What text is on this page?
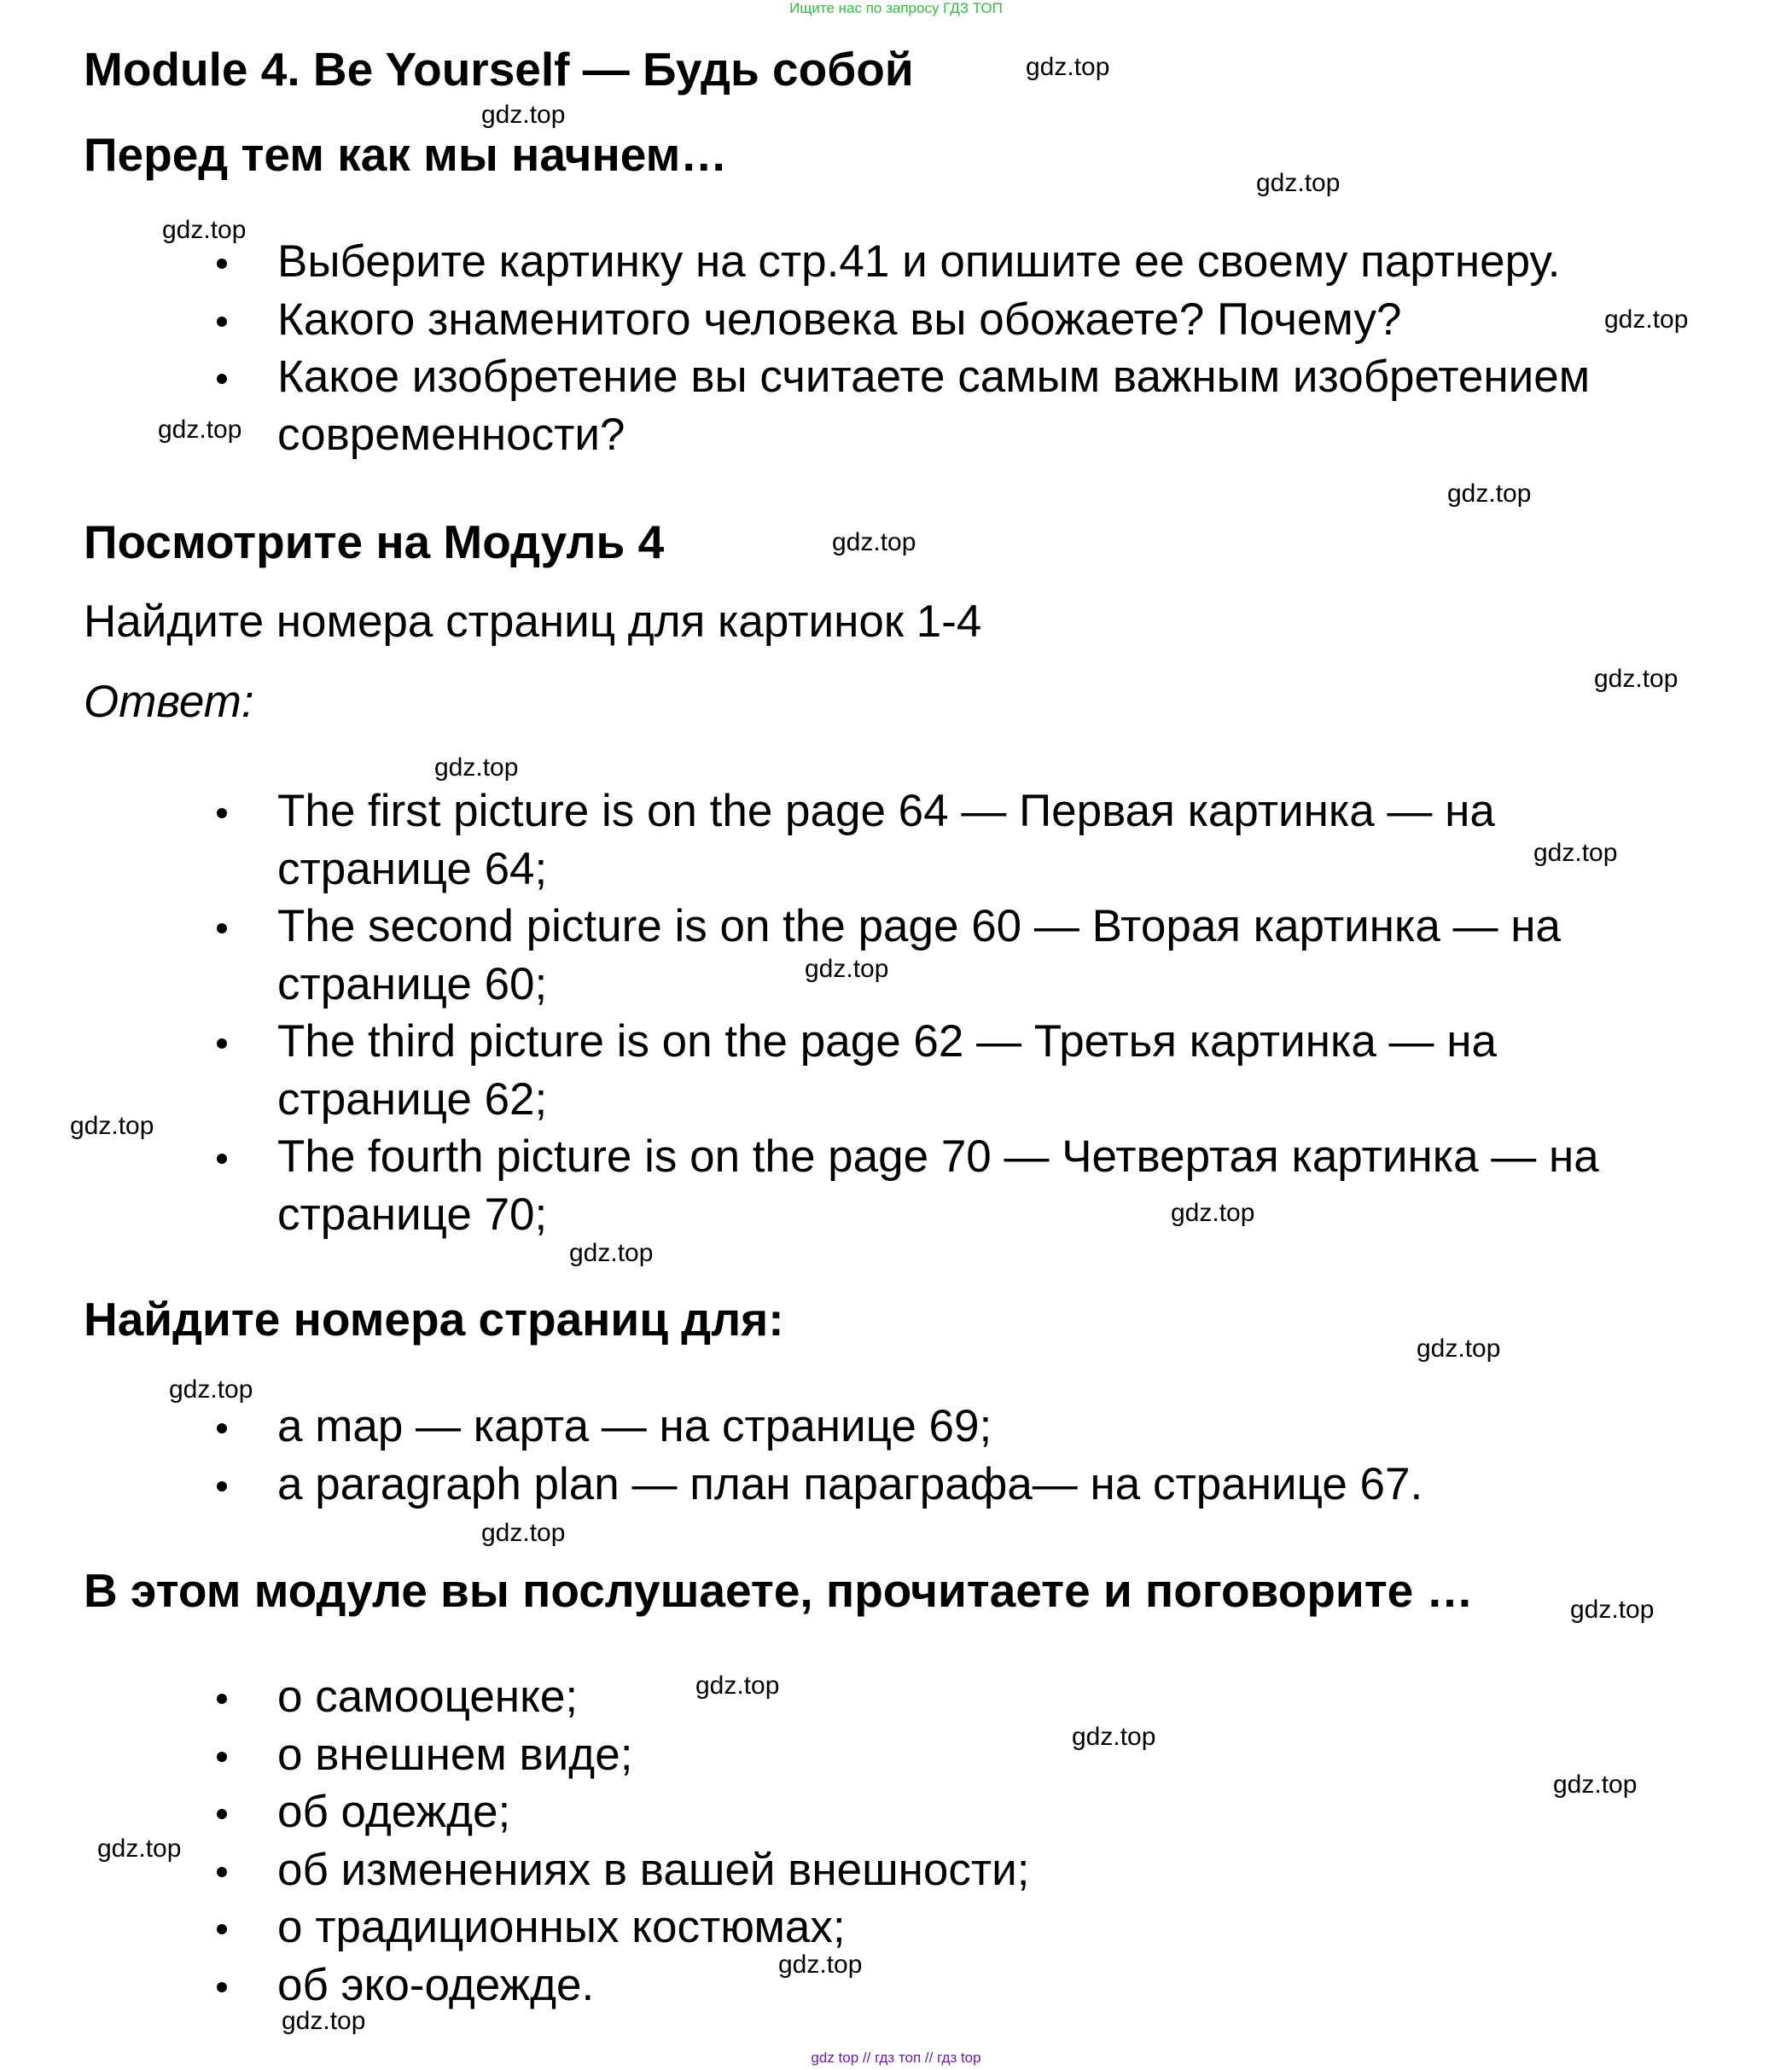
Ищите нас по запросу ГДЗ ТОП
Module 4. Be Yourself — Будь собой
Перед тем как мы начнем…
Выберите картинку на стр.41 и опишите ее своему партнеру.
Какого знаменитого человека вы обожаете? Почему?
Какое изобретение вы считаете самым важным изобретением
современности?
Посмотрите на Модуль 4

Найдите номера страниц для картинок 1-4

Ответ:

The first picture is on the page 64 — Первая картинка — на
странице 64;
The second picture is on the page 60 — Вторая картинка — на
странице 60;
The third picture is on the page 62 — Третья картинка — на
странице 62;
The fourth picture is on the page 70 — Четвертая картинка — на
странице 70;
Найдите номера страниц для:
a map — карта — на странице 69;
a paragraph plan — план параграфа— на странице 67.
В этом модуле вы послушаете, прочитаете и поговорите …
о самооценке;
о внешнем виде;
об одежде;
об изменениях в вашей внешности;
о традиционных костюмах;
об эко-одежде.
gdz.top
gdz.top
gdz.top
gdz.top
gdz.top
gdz.top
gdz.top
gdz.top
gdz.top
gdz.top
gdz.top
gdz.top
gdz.top
gdz.top
gdz.top
gdz.top
gdz.top
gdz.top
gdz.top
gdz.top
gdz.top
gdz.top
gdz.top
gdz.top
gdz.top
gdz top // гдз топ // гдз top
